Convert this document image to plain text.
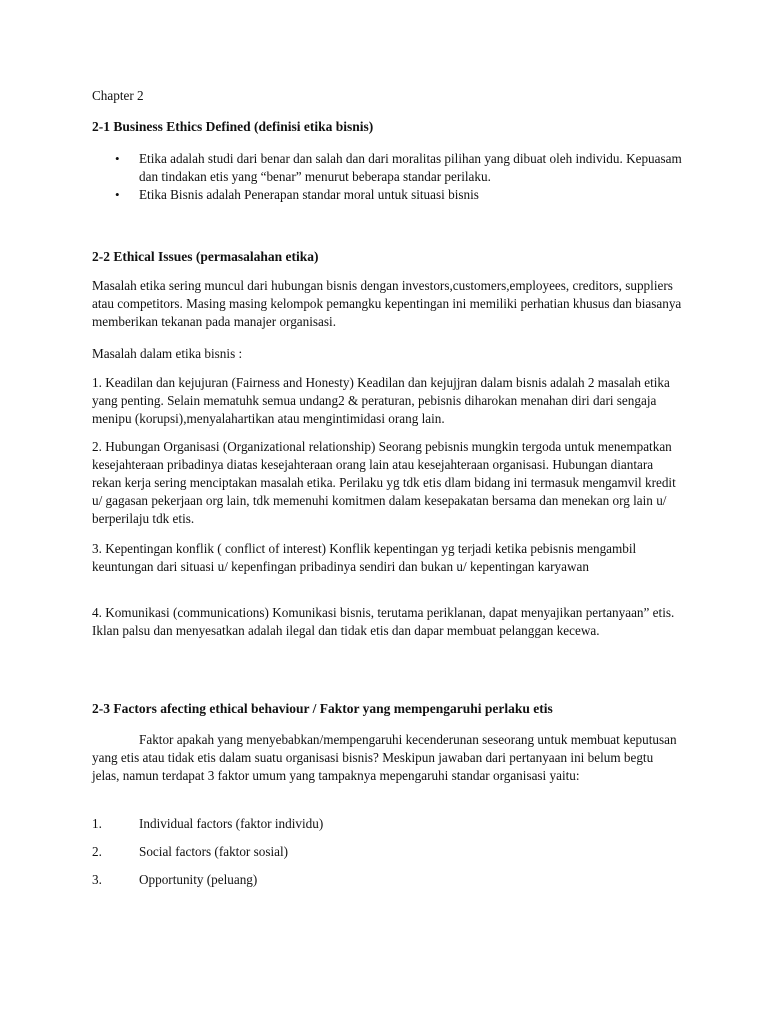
Chapter 2

2-1 Business Ethics Defined (definisi etika bisnis)

• Etika adalah studi dari benar dan salah dan dari moralitas pilihan yang dibuat oleh individu. Kepuasam dan tindakan etis yang “benar” menurut beberapa standar perilaku.
• Etika Bisnis adalah Penerapan standar moral untuk situasi bisnis

2-2 Ethical Issues (permasalahan etika)

Masalah etika sering muncul dari hubungan bisnis dengan investors,customers,employees, creditors, suppliers atau competitors. Masing masing kelompok pemangku kepentingan ini memiliki perhatian khusus dan biasanya memberikan tekanan pada manajer organisasi.

Masalah dalam etika bisnis :

1. Keadilan dan kejujuran (Fairness and Honesty) Keadilan dan kejujjran dalam bisnis adalah 2 masalah etika yang penting. Selain mematuhk semua undang2 & peraturan, pebisnis diharokan menahan diri dari sengaja menipu (korupsi),menyalahartikan atau mengintimidasi orang lain.

2. Hubungan Organisasi (Organizational relationship) Seorang pebisnis mungkin tergoda untuk menempatkan kesejahteraan pribadinya diatas kesejahteraan orang lain atau kesejahteraan organisasi. Hubungan diantara rekan kerja sering menciptakan masalah etika. Perilaku yg tdk etis dlam bidang ini termasuk mengamvil kredit u/ gagasan pekerjaan org lain, tdk memenuhi komitmen dalam kesepakatan bersama dan menekan org lain u/ berperilaju tdk etis.

3. Kepentingan konflik ( conflict of interest) Konflik kepentingan yg terjadi ketika pebisnis mengambil keuntungan dari situasi u/ kepenfingan pribadinya sendiri dan bukan u/ kepentingan karyawan

4. Komunikasi (communications) Komunikasi bisnis, terutama periklanan, dapat menyajikan pertanyaan” etis. Iklan palsu dan menyesatkan adalah ilegal dan tidak etis dan dapar membuat pelanggan kecewa.

2-3 Factors afecting ethical behaviour / Faktor yang mempengaruhi perlaku etis

Faktor apakah yang menyebabkan/mempengaruhi kecenderunan seseorang untuk membuat keputusan yang etis atau tidak etis dalam suatu organisasi bisnis? Meskipun jawaban dari pertanyaan ini belum begtu jelas, namun terdapat 3 faktor umum yang tampaknya mepengaruhi standar organisasi yaitu:

1.	Individual factors (faktor individu)
2.	Social factors (faktor sosial)
3.	Opportunity (peluang)
